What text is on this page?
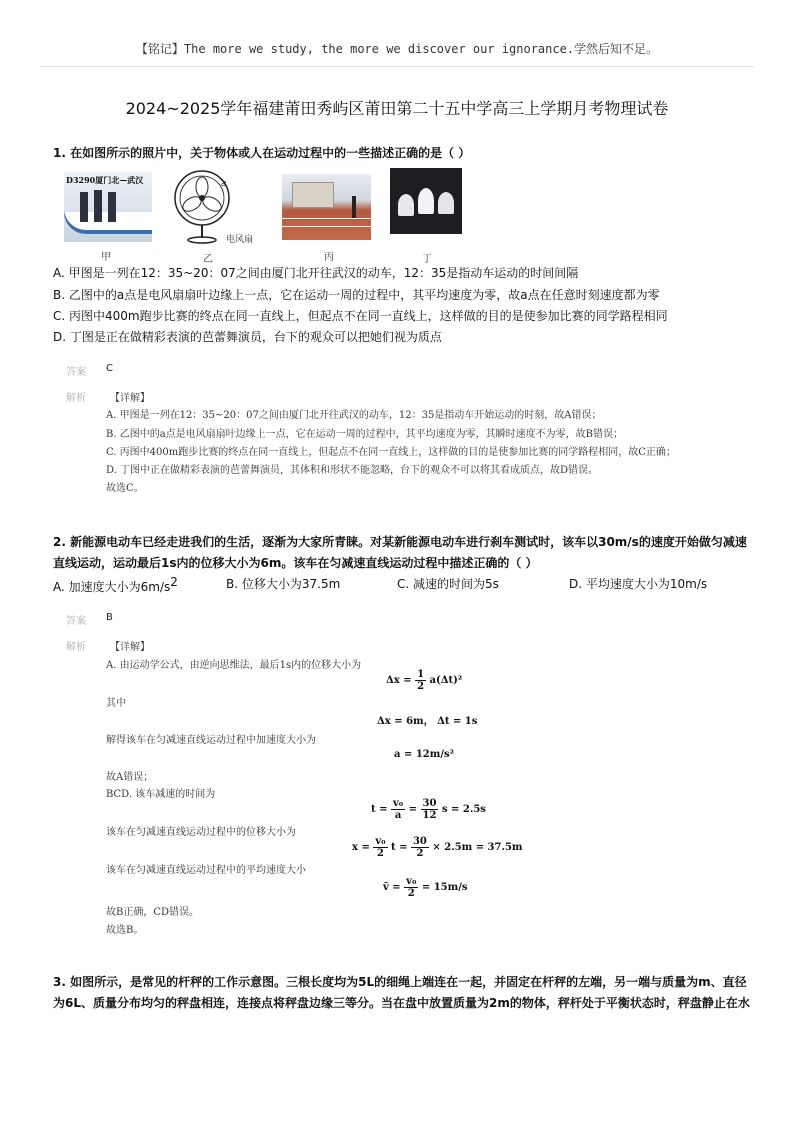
【铭记】The more we study, the more we discover our ignorance.学然后知不足。
2024~2025学年福建莆田秀屿区莆田第二十五中学高三上学期月考物理试卷
1. 在如图所示的照片中，关于物体或人在运动过程中的一些描述正确的是（ ）
D3290厦门北—武汉
甲
a
电风扇
乙	丙	丁
A. 甲图是一列在12：35~20：07之间由厦门北开往武汉的动车，12：35是指动车运动的时间间隔
B. 乙图中的a点是电风扇扇叶边缘上一点，它在运动一周的过程中，其平均速度为零，故a点在任意时刻速度都为零
C. 丙图中400m跑步比赛的终点在同一直线上，但起点不在同一直线上，这样做的目的是使参加比赛的同学路程相同
D. 丁图是正在做精彩表演的芭蕾舞演员，台下的观众可以把她们视为质点
答案 C
解析 【详解】
A. 甲图是一列在12：35~20：07之间由厦门北开往武汉的动车，12：35是指动车开始运动的时刻，故A错误；
B. 乙图中的a点是电风扇扇叶边缘上一点，它在运动一周的过程中，其平均速度为零，其瞬时速度不为零，故B错误；
C. 丙图中400m跑步比赛的终点在同一直线上，但起点不在同一直线上，这样做的目的是使参加比赛的同学路程相同，故C正确；
D. 丁图中正在做精彩表演的芭蕾舞演员，其体积和形状不能忽略，台下的观众不可以将其看成质点，故D错误。
故选C。
2. 新能源电动车已经走进我们的生活，逐渐为大家所青睐。对某新能源电动车进行刹车测试时，该车以30m/s的速度开始做匀减速
直线运动，运动最后1s内的位移大小为6m。该车在匀减速直线运动过程中描述正确的（ ）
A. 加速度大小为$6m/s^2$	B. 位移大小为37.5m	C. 减速的时间为5s	D. 平均速度大小为10m/s
答案 B
解析 【详解】
A. 由运动学公式，由逆向思维法，最后1s内的位移大小为
$\Delta x = \frac{1}{2} a(\Delta t)^2$
其中
Δx = 6m， Δt = 1s
解得该车在匀减速直线运动过程中加速度大小为
a = 12m/s²
故A错误；
BCD. 该车减速的时间为
$t = \frac{\text{v₀}}{a} = \frac{30}{12}$ s = 2.5s
该车在匀减速直线运动过程中的位移大小为
$x = \frac{\text{v₀}}{2}$ $t = \frac{30}{2} \times 2.5m = 37.5m$
该车在匀减速直线运动过程中的平均速度大小
v̄ = $\frac{\text{v₀}}{2} = 15m/s$
故B正确，CD错误。
故选B。
3. 如图所示，是常见的杆秤的工作示意图。三根长度均为5L的细绳上端连在一起，并固定在杆秤的左端，另一端与质量为m、直径
为6L、质量分布均匀的秤盘相连，连接点将秤盘边缘三等分。当在盘中放置质量为2m的物体，秤杆处于平衡状态时，秤盘静止在水
